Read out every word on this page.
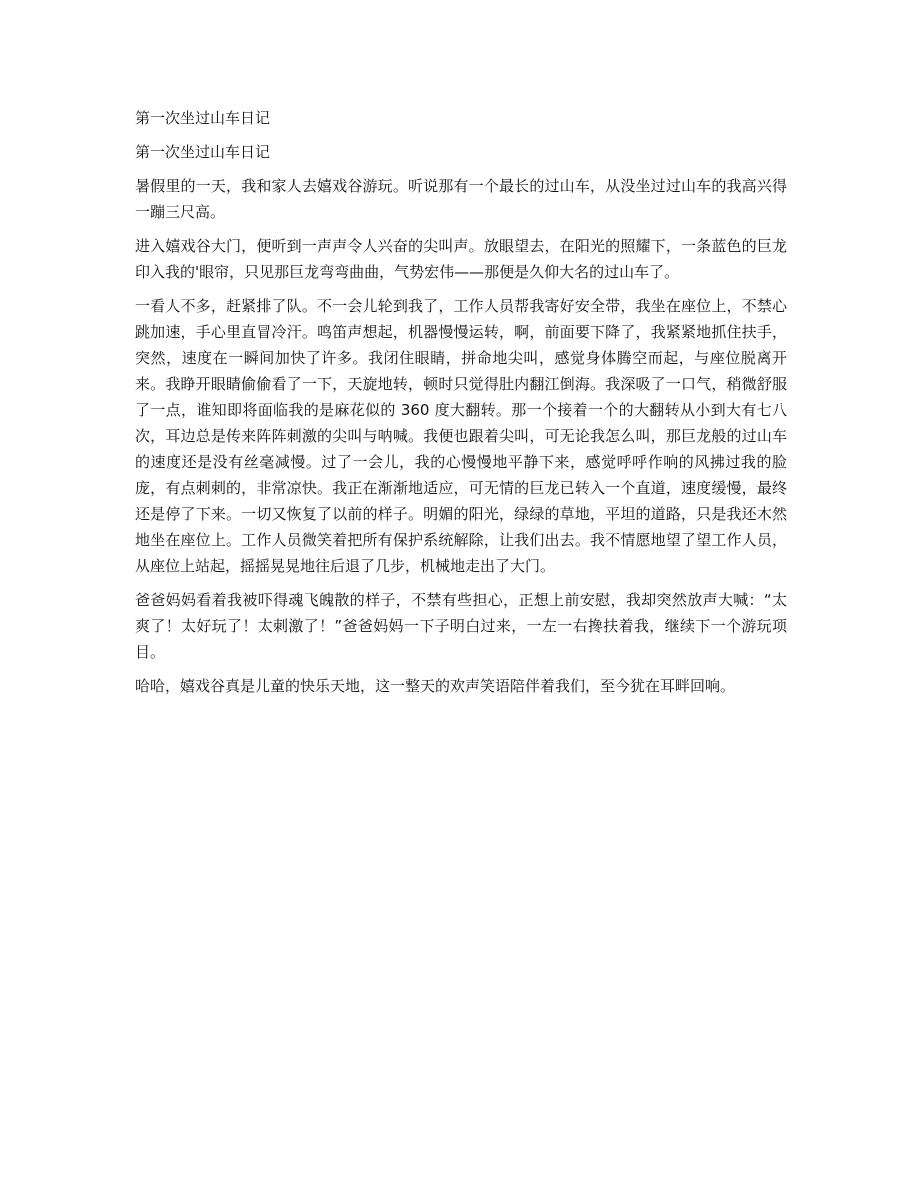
第一次坐过山车日记
第一次坐过山车日记
暑假里的一天，我和家人去嬉戏谷游玩。听说那有一个最长的过山车，从没坐过过山车的我高兴得一蹦三尺高。
进入嬉戏谷大门，便听到一声声令人兴奋的尖叫声。放眼望去，在阳光的照耀下，一条蓝色的巨龙印入我的'眼帘，只见那巨龙弯弯曲曲，气势宏伟——那便是久仰大名的过山车了。
一看人不多，赶紧排了队。不一会儿轮到我了，工作人员帮我寄好安全带，我坐在座位上，不禁心跳加速，手心里直冒冷汗。鸣笛声想起，机器慢慢运转，啊，前面要下降了，我紧紧地抓住扶手，突然，速度在一瞬间加快了许多。我闭住眼睛，拼命地尖叫，感觉身体腾空而起，与座位脱离开来。我睁开眼睛偷偷看了一下，天旋地转，顿时只觉得肚内翻江倒海。我深吸了一口气，稍微舒服了一点，谁知即将面临我的是麻花似的 360 度大翻转。那一个接着一个的大翻转从小到大有七八次，耳边总是传来阵阵刺激的尖叫与呐喊。我便也跟着尖叫，可无论我怎么叫，那巨龙般的过山车的速度还是没有丝毫减慢。过了一会儿，我的心慢慢地平静下来，感觉呼呼作响的风拂过我的脸庞，有点刺刺的，非常凉快。我正在渐渐地适应，可无情的巨龙已转入一个直道，速度缓慢，最终还是停了下来。一切又恢复了以前的样子。明媚的阳光，绿绿的草地，平坦的道路，只是我还木然地坐在座位上。工作人员微笑着把所有保护系统解除，让我们出去。我不情愿地望了望工作人员，从座位上站起，摇摇晃晃地往后退了几步，机械地走出了大门。
爸爸妈妈看着我被吓得魂飞魄散的样子，不禁有些担心，正想上前安慰，我却突然放声大喊：“太爽了！太好玩了！太刺激了！”爸爸妈妈一下子明白过来，一左一右搀扶着我，继续下一个游玩项目。
哈哈，嬉戏谷真是儿童的快乐天地，这一整天的欢声笑语陪伴着我们，至今犹在耳畔回响。
